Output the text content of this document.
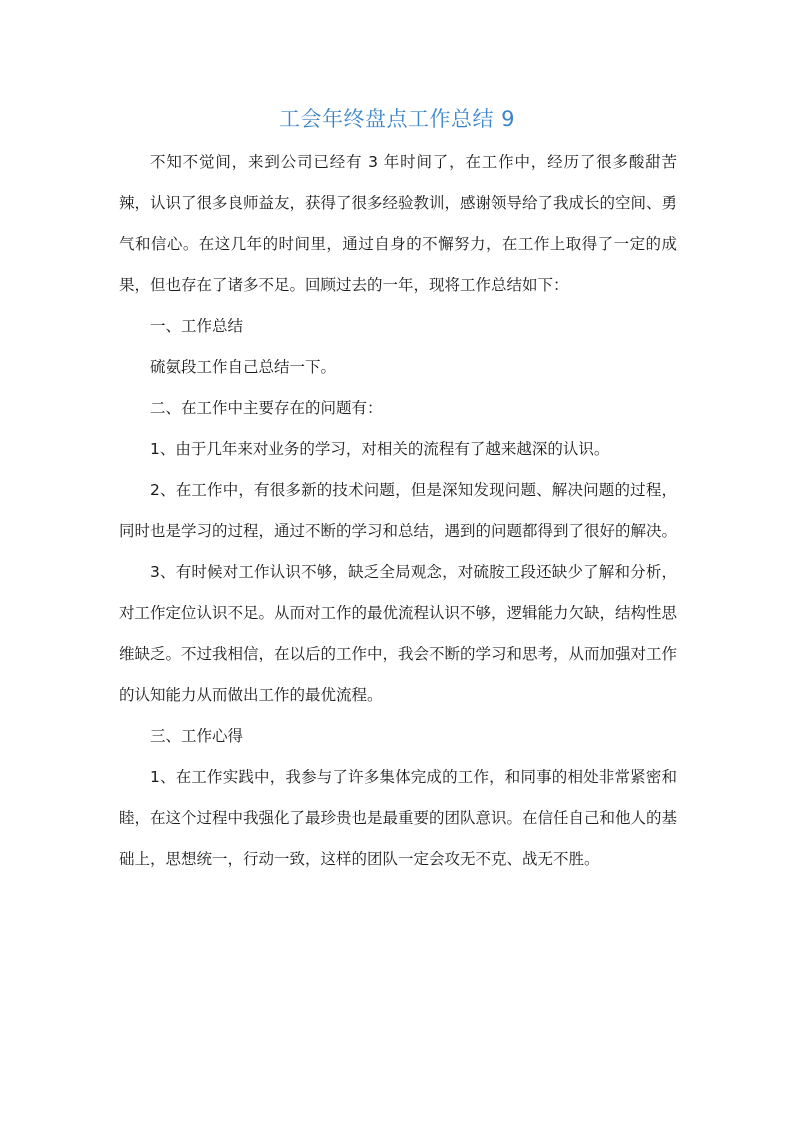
工会年终盘点工作总结 9

不知不觉间，来到公司已经有 3 年时间了，在工作中，经历了很多酸甜苦辣，认识了很多良师益友，获得了很多经验教训，感谢领导给了我成长的空间、勇气和信心。在这几年的时间里，通过自身的不懈努力，在工作上取得了一定的成果，但也存在了诸多不足。回顾过去的一年，现将工作总结如下：

一、工作总结

硫氨段工作自己总结一下。

二、在工作中主要存在的问题有：

1、由于几年来对业务的学习，对相关的流程有了越来越深的认识。

2、在工作中，有很多新的技术问题，但是深知发现问题、解决问题的过程，同时也是学习的过程，通过不断的学习和总结，遇到的问题都得到了很好的解决。

3、有时候对工作认识不够，缺乏全局观念，对硫胺工段还缺少了解和分析，对工作定位认识不足。从而对工作的最优流程认识不够，逻辑能力欠缺，结构性思维缺乏。不过我相信，在以后的工作中，我会不断的学习和思考，从而加强对工作的认知能力从而做出工作的最优流程。

三、工作心得

1、在工作实践中，我参与了许多集体完成的工作，和同事的相处非常紧密和睦，在这个过程中我强化了最珍贵也是最重要的团队意识。在信任自己和他人的基础上，思想统一，行动一致，这样的团队一定会攻无不克、战无不胜。
